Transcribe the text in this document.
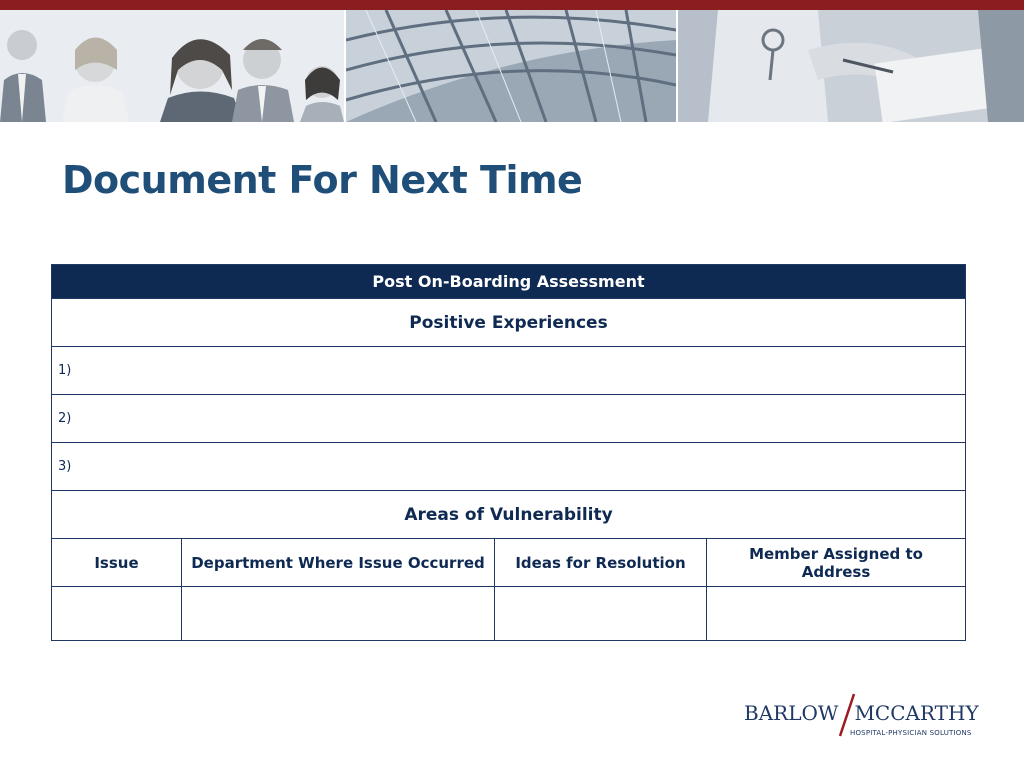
Document For Next Time
Post On-Boarding Assessment			
Positive Experiences			
1)			
2)			
3)			
Areas of Vulnerability			
Issue	Department Where Issue Occurred	Ideas for Resolution	Member Assigned to Address

BARLOW MCCARTHY
HOSPITAL-PHYSICIAN SOLUTIONS
